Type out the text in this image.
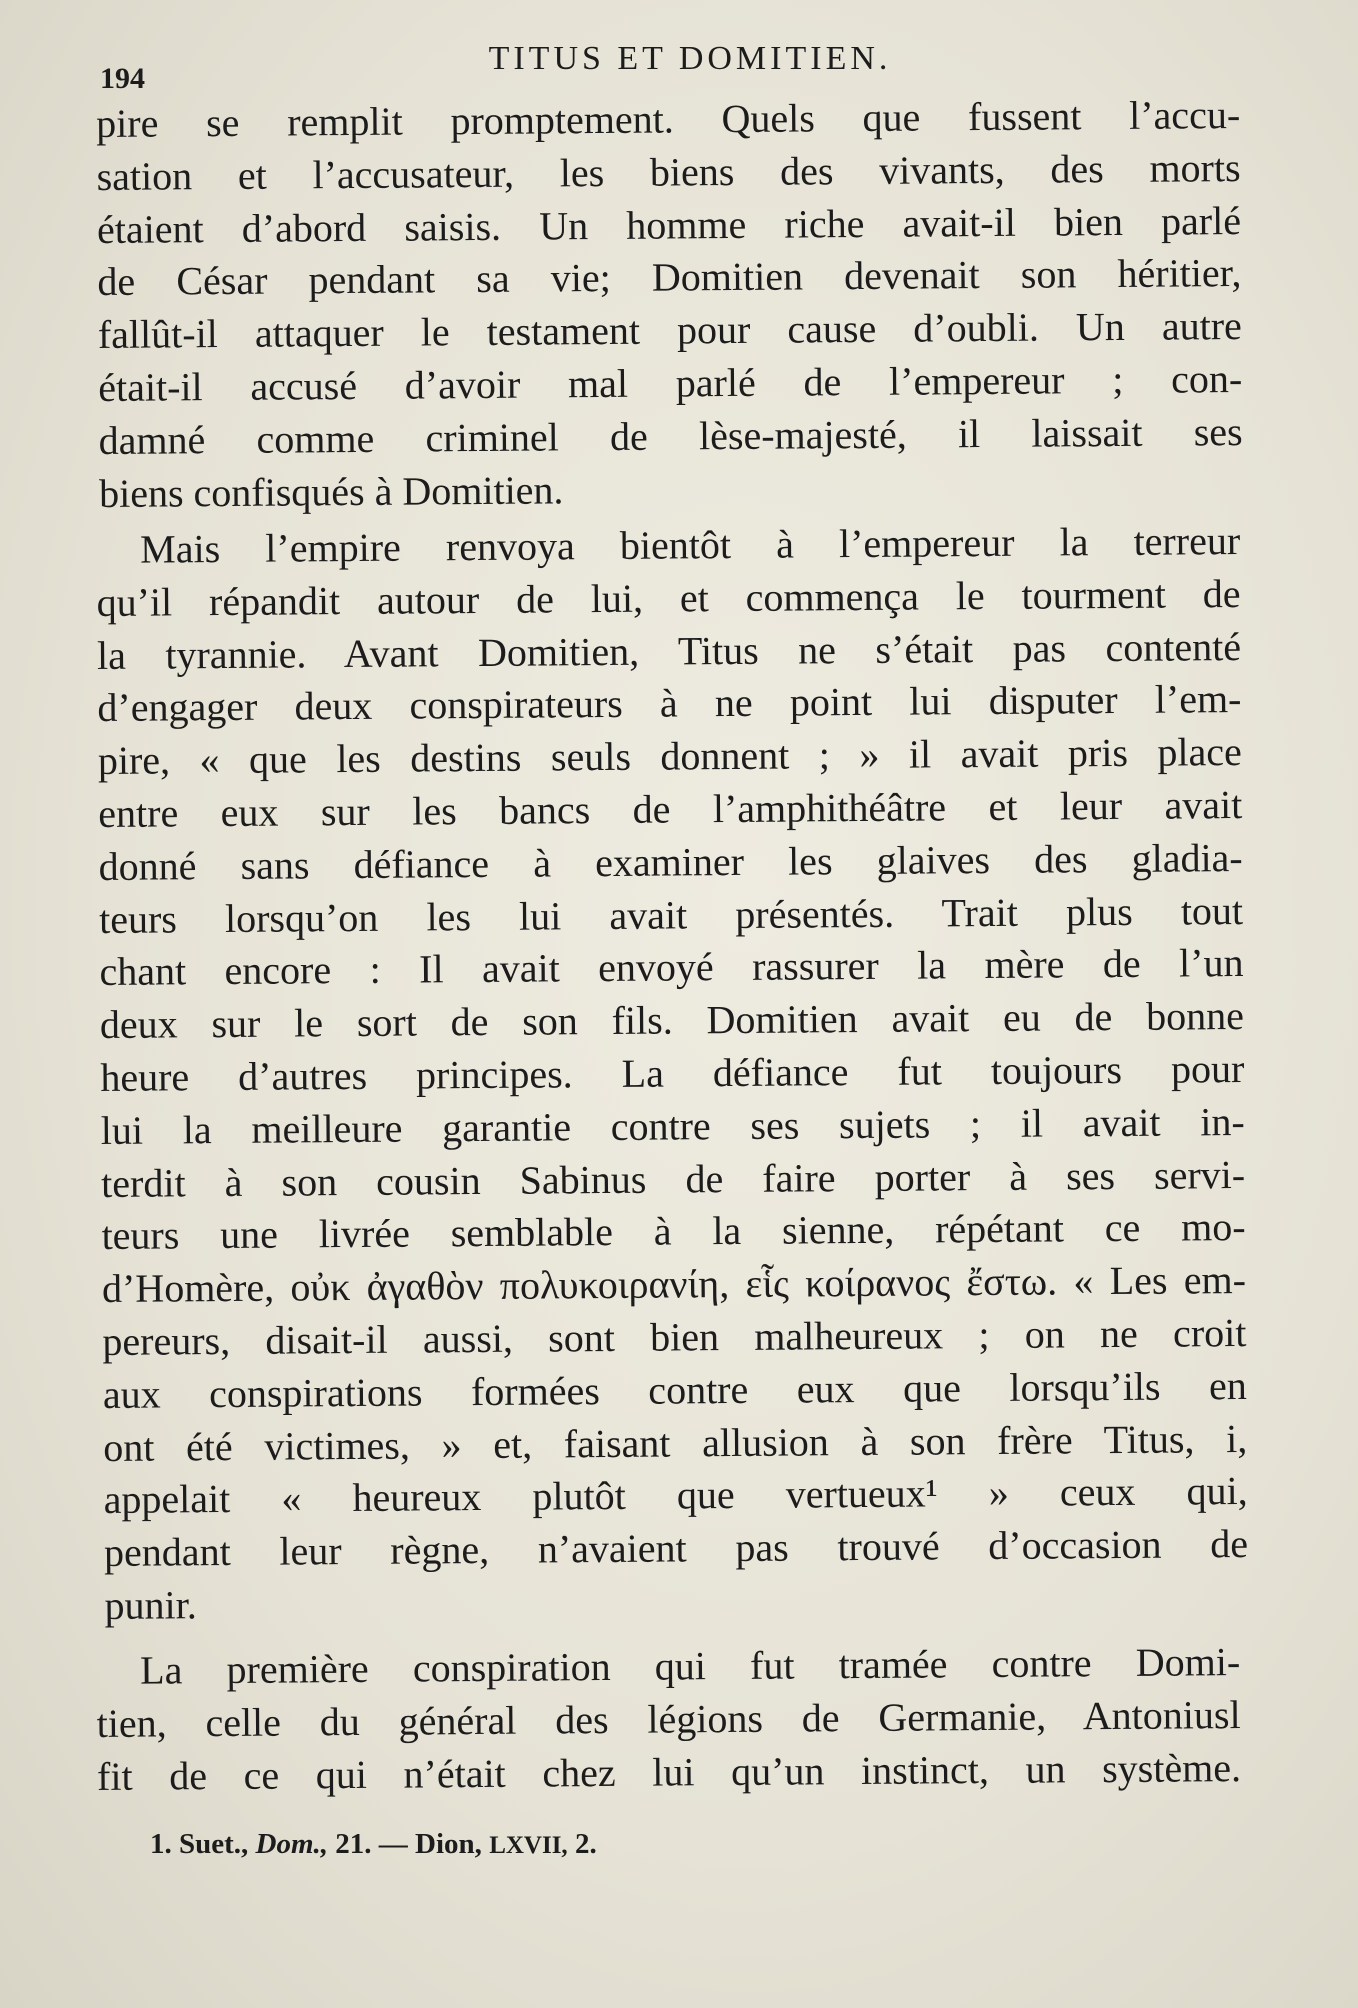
194
TITUS ET DOMITIEN.

pire se remplit promptement. Quels que fussent l’accu-
sation et l’accusateur, les biens des vivants, des morts
étaient d’abord saisis. Un homme riche avait-il bien parlé
de César pendant sa vie; Domitien devenait son héritier,
fallût-il attaquer le testament pour cause d’oubli. Un autre
était-il accusé d’avoir mal parlé de l’empereur ; con-
damné comme criminel de lèse-majesté, il laissait ses
biens confisqués à Domitien.

Mais l’empire renvoya bientôt à l’empereur la terreur
qu’il répandit autour de lui, et commença le tourment de
la tyrannie. Avant Domitien, Titus ne s’était pas contenté
d’engager deux conspirateurs à ne point lui disputer l’em-
pire, « que les destins seuls donnent ; » il avait pris place
entre eux sur les bancs de l’amphithéâtre et leur avait
donné sans défiance à examiner les glaives des gladia-
teurs lorsqu’on les lui avait présentés. Trait plus tout
chant encore : Il avait envoyé rassurer la mère de l’un
deux sur le sort de son fils. Domitien avait eu de bonne
heure d’autres principes. La défiance fut toujours pour
lui la meilleure garantie contre ses sujets ; il avait in-
terdit à son cousin Sabinus de faire porter à ses servi-
teurs une livrée semblable à la sienne, répétant ce mo-
d’Homère, οὐκ ἀγαθὸν πολυκοιρανίη, εἷς κοίρανος ἔστω. « Les em-
pereurs, disait-il aussi, sont bien malheureux ; on ne croit
aux conspirations formées contre eux que lorsqu’ils en
ont été victimes, » et, faisant allusion à son frère Titus, i,
appelait « heureux plutôt que vertueux¹ » ceux qui,
pendant leur règne, n’avaient pas trouvé d’occasion de
punir.

La première conspiration qui fut tramée contre Domi-
tien, celle du général des légions de Germanie, Antoniusl
fit de ce qui n’était chez lui qu’un instinct, un système.

1. Suet., Dom., 21. — Dion, LXVII, 2.
